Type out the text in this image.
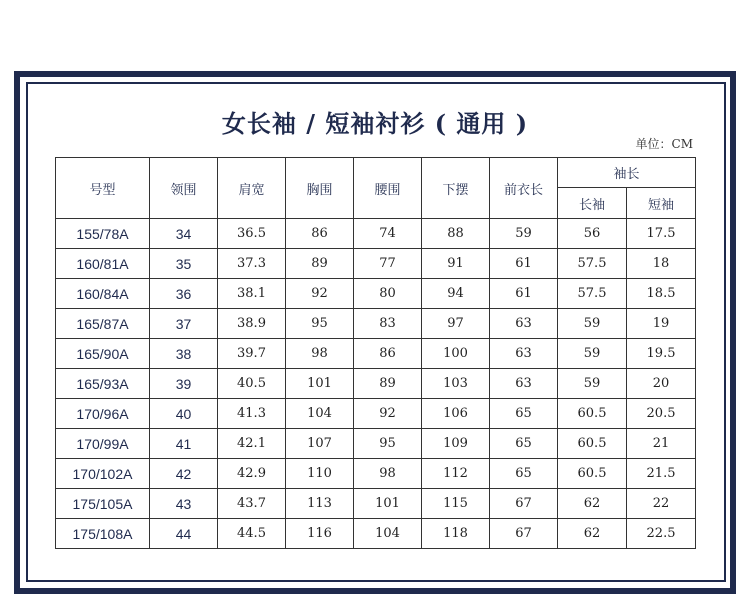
女长袖 / 短袖衬衫 ( 通用 )
单位：CM
号型	领围	肩宽	胸围	腰围	下摆	前衣长	袖长	
							长袖	短袖
155/78A	34	36.5	86	74	88	59	56	17.5
160/81A	35	37.3	89	77	91	61	57.5	18
160/84A	36	38.1	92	80	94	61	57.5	18.5
165/87A	37	38.9	95	83	97	63	59	19
165/90A	38	39.7	98	86	100	63	59	19.5
165/93A	39	40.5	101	89	103	63	59	20
170/96A	40	41.3	104	92	106	65	60.5	20.5
170/99A	41	42.1	107	95	109	65	60.5	21
170/102A	42	42.9	110	98	112	65	60.5	21.5
175/105A	43	43.7	113	101	115	67	62	22
175/108A	44	44.5	116	104	118	67	62	22.5
